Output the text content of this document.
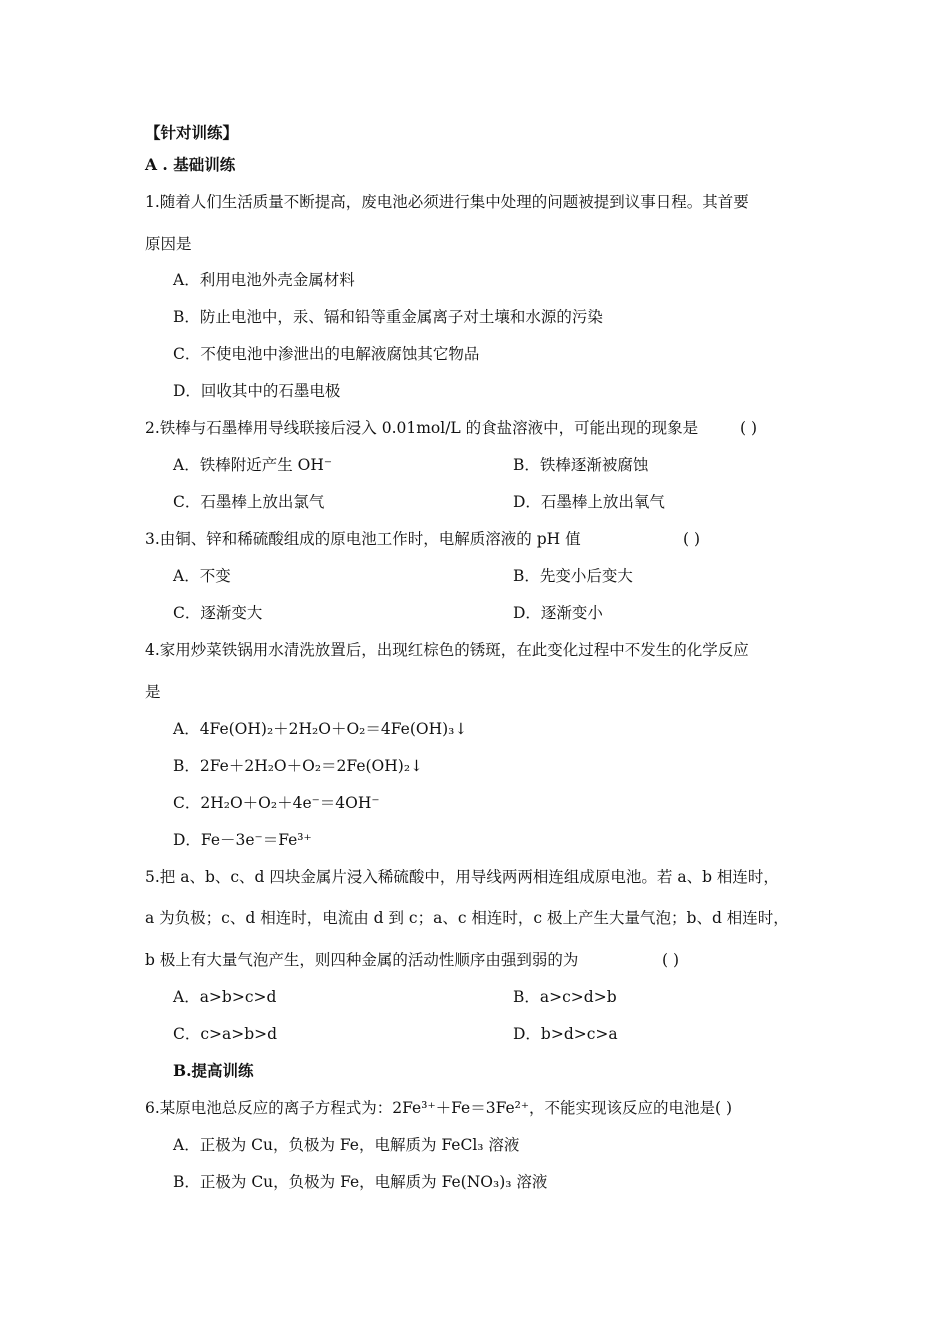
【针对训练】
A . 基础训练
1.随着人们生活质量不断提高，废电池必须进行集中处理的问题被提到议事日程。其首要
原因是
A．利用电池外壳金属材料
B．防止电池中，汞、镉和铅等重金属离子对土壤和水源的污染
C．不使电池中渗泄出的电解液腐蚀其它物品
D．回收其中的石墨电极
2.铁棒与石墨棒用导线联接后浸入 0.01mol/L 的食盐溶液中，可能出现的现象是	( )
A．铁棒附近产生 OH⁻	B．铁棒逐渐被腐蚀
C．石墨棒上放出氯气	D．石墨棒上放出氧气
3.由铜、锌和稀硫酸组成的原电池工作时，电解质溶液的 pH 值	( )
A．不变	B．先变小后变大
C．逐渐变大	D．逐渐变小
4.家用炒菜铁锅用水清洗放置后，出现红棕色的锈斑，在此变化过程中不发生的化学反应
是
A．4Fe(OH)₂＋2H₂O＋O₂＝4Fe(OH)₃↓
B．2Fe＋2H₂O＋O₂＝2Fe(OH)₂↓
C．2H₂O＋O₂＋4e⁻＝4OH⁻
D．Fe－3e⁻＝Fe³⁺
5.把 a、b、c、d 四块金属片浸入稀硫酸中，用导线两两相连组成原电池。若 a、b 相连时，
a 为负极；c、d 相连时，电流由 d 到 c；a、c 相连时，c 极上产生大量气泡；b、d 相连时，
b 极上有大量气泡产生，则四种金属的活动性顺序由强到弱的为	( )
A．a>b>c>d	B．a>c>d>b
C．c>a>b>d	D．b>d>c>a
B.提高训练
6.某原电池总反应的离子方程式为：2Fe³⁺＋Fe＝3Fe²⁺，不能实现该反应的电池是( )
A．正极为 Cu，负极为 Fe，电解质为 FeCl₃ 溶液
B．正极为 Cu，负极为 Fe，电解质为 Fe(NO₃)₃ 溶液
